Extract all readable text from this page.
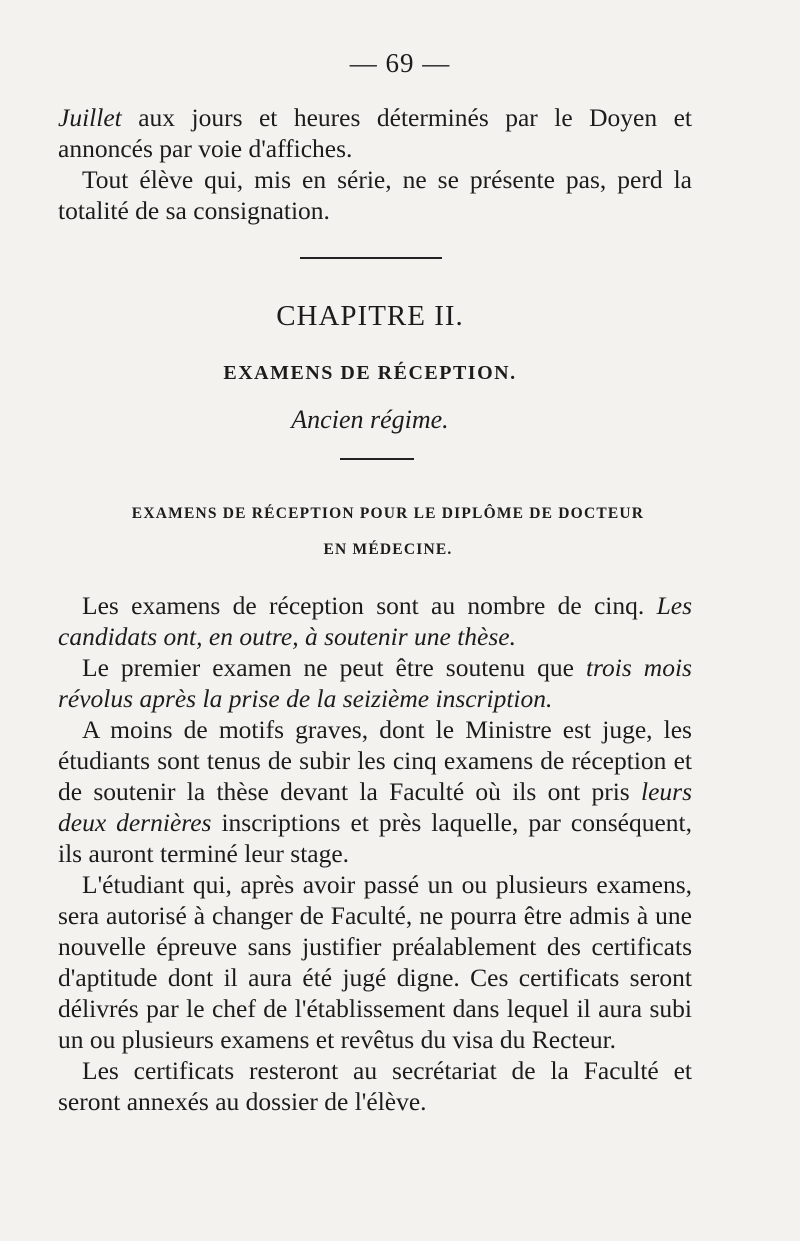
— 69 —

Juillet aux jours et heures déterminés par le Doyen et annoncés par voie d'affiches.

Tout élève qui, mis en série, ne se présente pas, perd la totalité de sa consignation.

CHAPITRE II.
EXAMENS DE RÉCEPTION.
Ancien régime.
EXAMENS DE RÉCEPTION POUR LE DIPLÔME DE DOCTEUR
EN MÉDECINE.

Les examens de réception sont au nombre de cinq. Les candidats ont, en outre, à soutenir une thèse.

Le premier examen ne peut être soutenu que trois mois révolus après la prise de la seizième inscription.

A moins de motifs graves, dont le Ministre est juge, les étudiants sont tenus de subir les cinq examens de réception et de soutenir la thèse devant la Faculté où ils ont pris leurs deux dernières inscriptions et près laquelle, par conséquent, ils auront terminé leur stage.

L'étudiant qui, après avoir passé un ou plusieurs examens, sera autorisé à changer de Faculté, ne pourra être admis à une nouvelle épreuve sans justifier préalablement des certificats d'aptitude dont il aura été jugé digne. Ces certificats seront délivrés par le chef de l'établissement dans lequel il aura subi un ou plusieurs examens et revêtus du visa du Recteur.

Les certificats resteront au secrétariat de la Faculté et seront annexés au dossier de l'élève.
